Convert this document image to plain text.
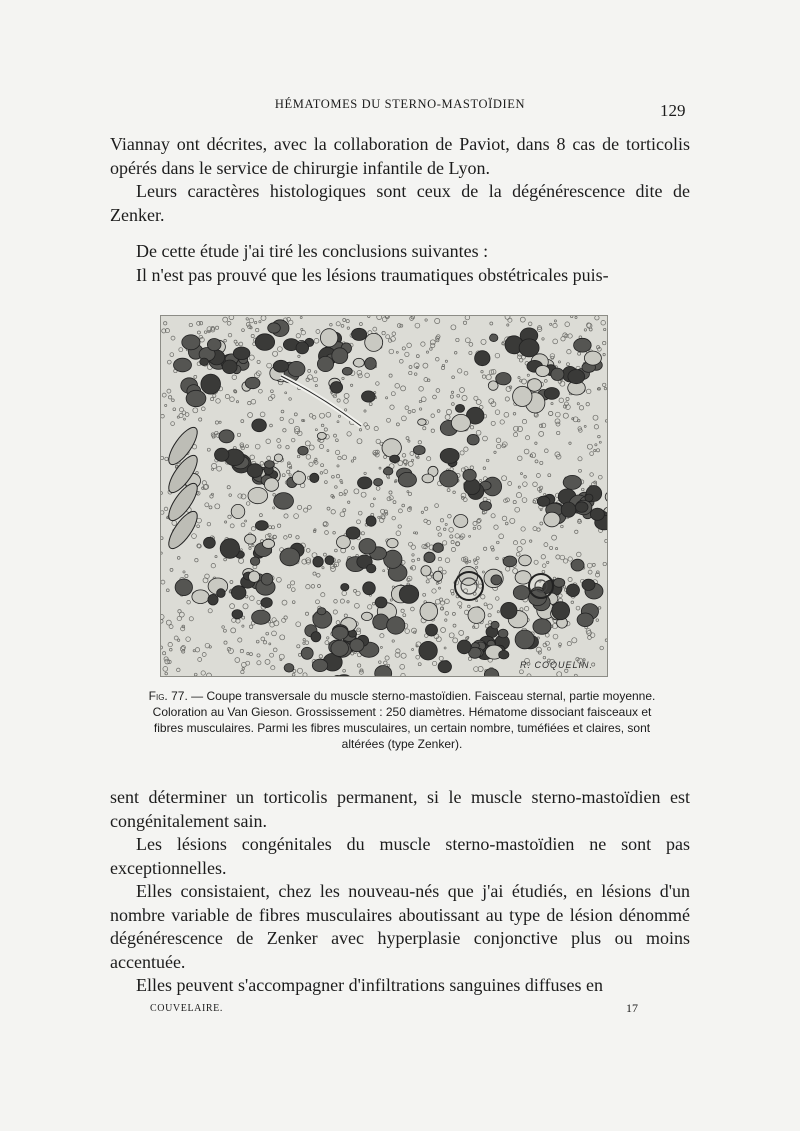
HÉMATOMES DU STERNO-MASTOÏDIEN	129

Viannay ont décrites, avec la collaboration de Paviot, dans 8 cas de torticolis opérés dans le service de chirurgie infantile de Lyon.

Leurs caractères histologiques sont ceux de la dégénérescence dite de Zenker.

De cette étude j'ai tiré les conclusions suivantes :

Il n'est pas prouvé que les lésions traumatiques obstétricales puis-

R. COQUELIN.
Fig. 77. — Coupe transversale du muscle sterno-mastoïdien. Faisceau sternal, partie moyenne. Coloration au Van Gieson. Grossissement : 250 diamètres. Hématome dissociant faisceaux et fibres musculaires. Parmi les fibres musculaires, un certain nombre, tuméfiées et claires, sont altérées (type Zenker).

sent déterminer un torticolis permanent, si le muscle sterno-mastoïdien est congénitalement sain.

Les lésions congénitales du muscle sterno-mastoïdien ne sont pas exceptionnelles.

Elles consistaient, chez les nouveau-nés que j'ai étudiés, en lésions d'un nombre variable de fibres musculaires aboutissant au type de lésion dénommé dégénérescence de Zenker avec hyperplasie conjonctive plus ou moins accentuée.

Elles peuvent s'accompagner d'infiltrations sanguines diffuses en

COUVELAIRE.	17
